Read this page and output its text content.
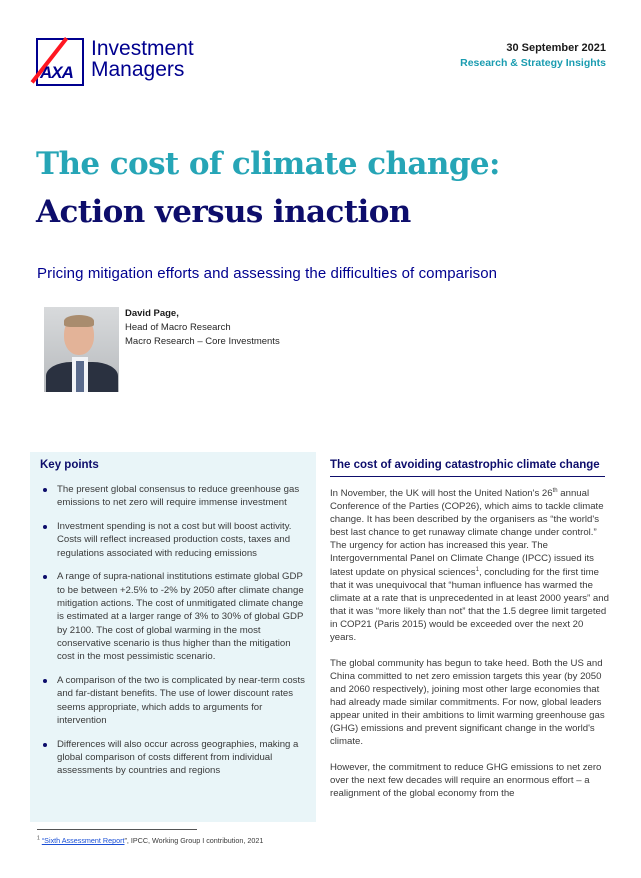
AXA
Investment
Managers
30 September 2021
Research & Strategy Insights
The cost of climate change:
Action versus inaction
Pricing mitigation efforts and assessing the difficulties of comparison
David Page,
Head of Macro Research
Macro Research – Core Investments
Key points
The present global consensus to reduce greenhouse gas emissions to net zero will require immense investment
Investment spending is not a cost but will boost activity. Costs will reflect increased production costs, taxes and regulations associated with reducing emissions
A range of supra-national institutions estimate global GDP to be between +2.5% to -2% by 2050 after climate change mitigation actions. The cost of unmitigated climate change is estimated at a larger range of 3% to 30% of global GDP by 2100. The cost of global warming in the most conservative scenario is thus higher than the mitigation cost in the most pessimistic scenario.
A comparison of the two is complicated by near-term costs and far-distant benefits. The use of lower discount rates seems appropriate, which adds to arguments for intervention
Differences will also occur across geographies, making a global comparison of costs different from individual assessments by countries and regions
The cost of avoiding catastrophic climate change

In November, the UK will host the United Nation's 26th annual Conference of the Parties (COP26), which aims to tackle climate change. It has been described by the organisers as “the world's best last chance to get runaway climate change under control.” The urgency for action has increased this year. The Intergovernmental Panel on Climate Change (IPCC) issued its latest update on physical sciences$^1$, concluding for the first time that it was unequivocal that “human influence has warmed the climate at a rate that is unprecedented in at least 2000 years” and that it was “more likely than not” that the 1.5 degree limit targeted in COP21 (Paris 2015) would be exceeded over the next 20 years.

The global community has begun to take heed. Both the US and China committed to net zero emission targets this year (by 2050 and 2060 respectively), joining most other large economies that had already made similar commitments. For now, global leaders appear united in their ambitions to limit warming greenhouse gas (GHG) emissions and prevent significant change in the world's climate.

However, the commitment to reduce GHG emissions to net zero over the next few decades will require an enormous effort – a realignment of the global economy from the

$^1$ “Sixth Assessment Report”, IPCC, Working Group I contribution, 2021
